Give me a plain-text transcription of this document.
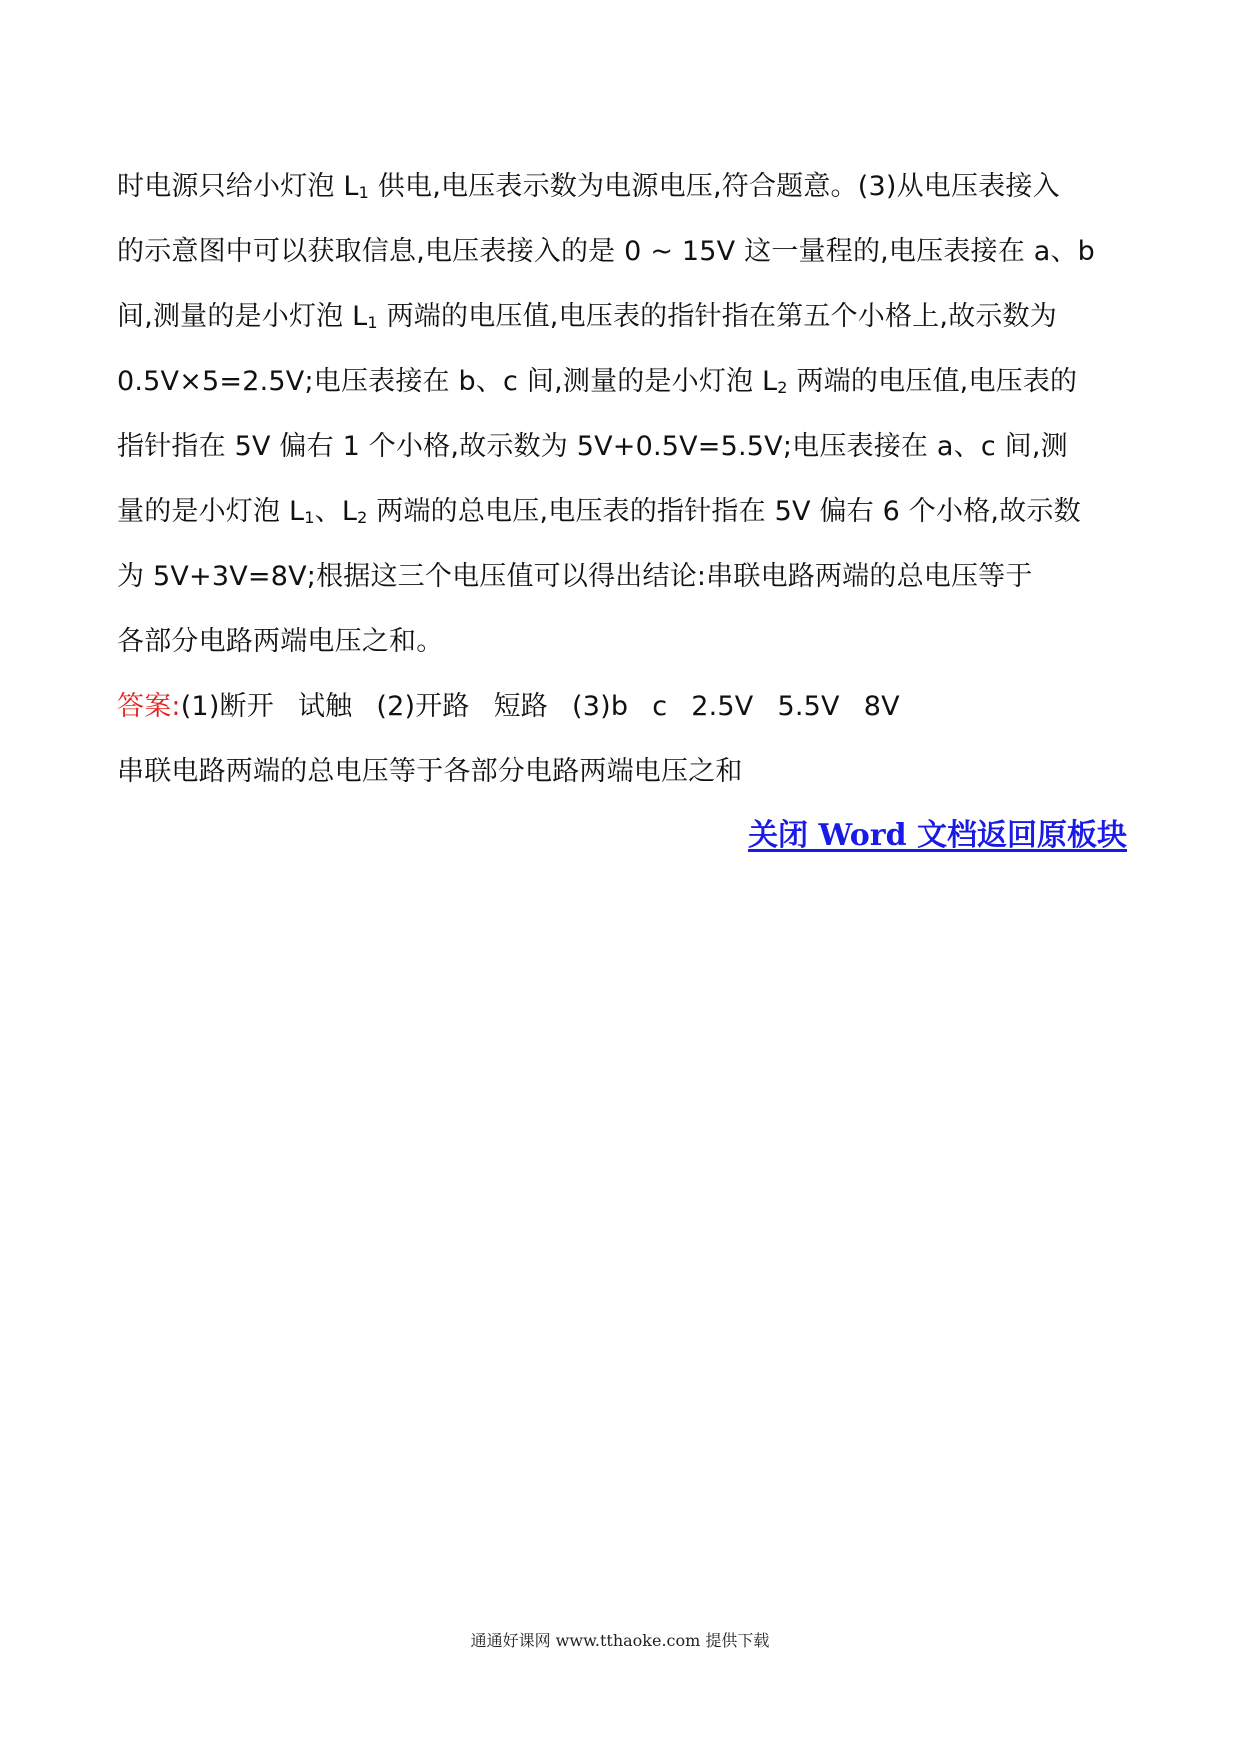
时电源只给小灯泡 $L_1$ 供电,电压表示数为电源电压,符合题意。(3)从电压表接入
的示意图中可以获取信息,电压表接入的是 0 ~ 15V 这一量程的,电压表接在 a、b
间,测量的是小灯泡 $L_1$ 两端的电压值,电压表的指针指在第五个小格上,故示数为
0.5V×5=2.5V;电压表接在 b、c 间,测量的是小灯泡 $L_2$ 两端的电压值,电压表的
指针指在 5V 偏右 1 个小格,故示数为 5V+0.5V=5.5V;电压表接在 a、c 间,测
量的是小灯泡 $L_1$、$L_2$ 两端的总电压,电压表的指针指在 5V 偏右 6 个小格,故示数
为 5V+3V=8V;根据这三个电压值可以得出结论:串联电路两端的总电压等于
各部分电路两端电压之和。
答案:(1)断开 试触 (2)开路 短路 (3)b c 2.5V 5.5V 8V
串联电路两端的总电压等于各部分电路两端电压之和
关闭 Word 文档返回原板块
通通好课网 www.tthaoke.com 提供下载
